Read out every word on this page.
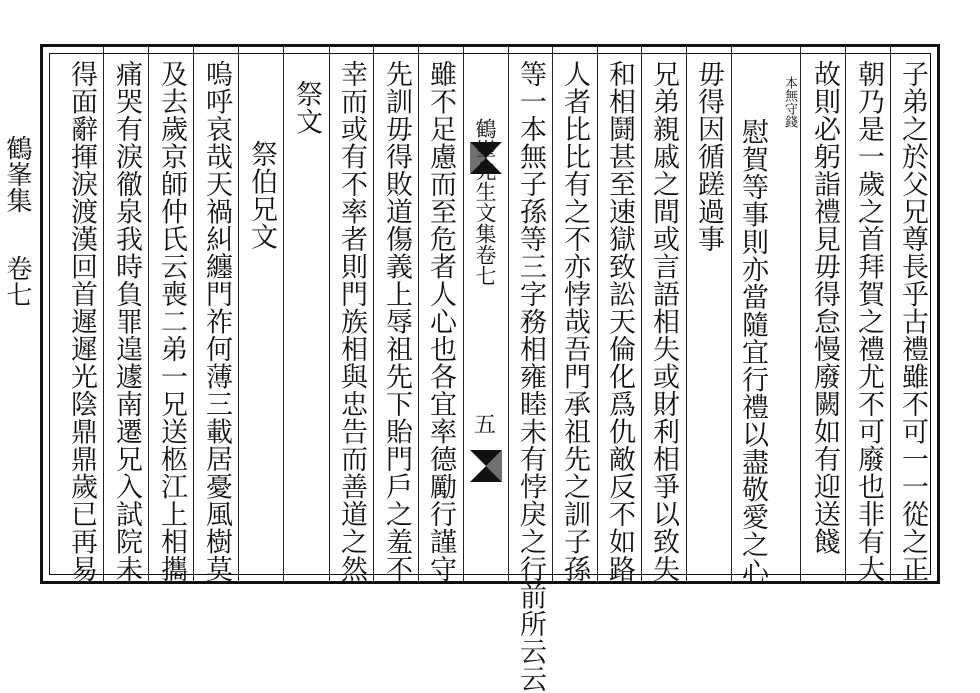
鶴峯集
卷七	子弟之於父兄尊長乎古禮雖不可一一從之正
朝乃是一歲之首拜賀之禮尤不可廢也非有大
故則必躬詣禮見毋得怠慢廢闕如有迎送餞
本無守錢
慰賀等事則亦當隨宜行禮以盡敬愛之心
毋得因循蹉過事
兄弟親戚之間或言語相失或財利相爭以致失
和相鬪甚至速獄致訟天倫化爲仇敵反不如路
人者比比有之不亦悖哉吾門承祖先之訓子孫
等一本無子孫等三字務相雍睦未有悖戾之行前所云云
鶴峯先生文集卷七
五
雖不足慮而至危者人心也各宜率德勵行謹守
先訓毋得敗道傷義上辱祖先下貽門戶之羞不
幸而或有不率者則門族相與忠告而善道之然
祭文
祭伯兄文
嗚呼哀哉天禍糾纏門祚何薄三載居憂風樹莫
及去歲京師仲氏云喪二弟一兄送柩江上相攜
痛哭有淚徹泉我時負罪遑遽南遷兄入試院未
得面辭揮淚渡漢回首遲遲光陰鼎鼎歲已再易
